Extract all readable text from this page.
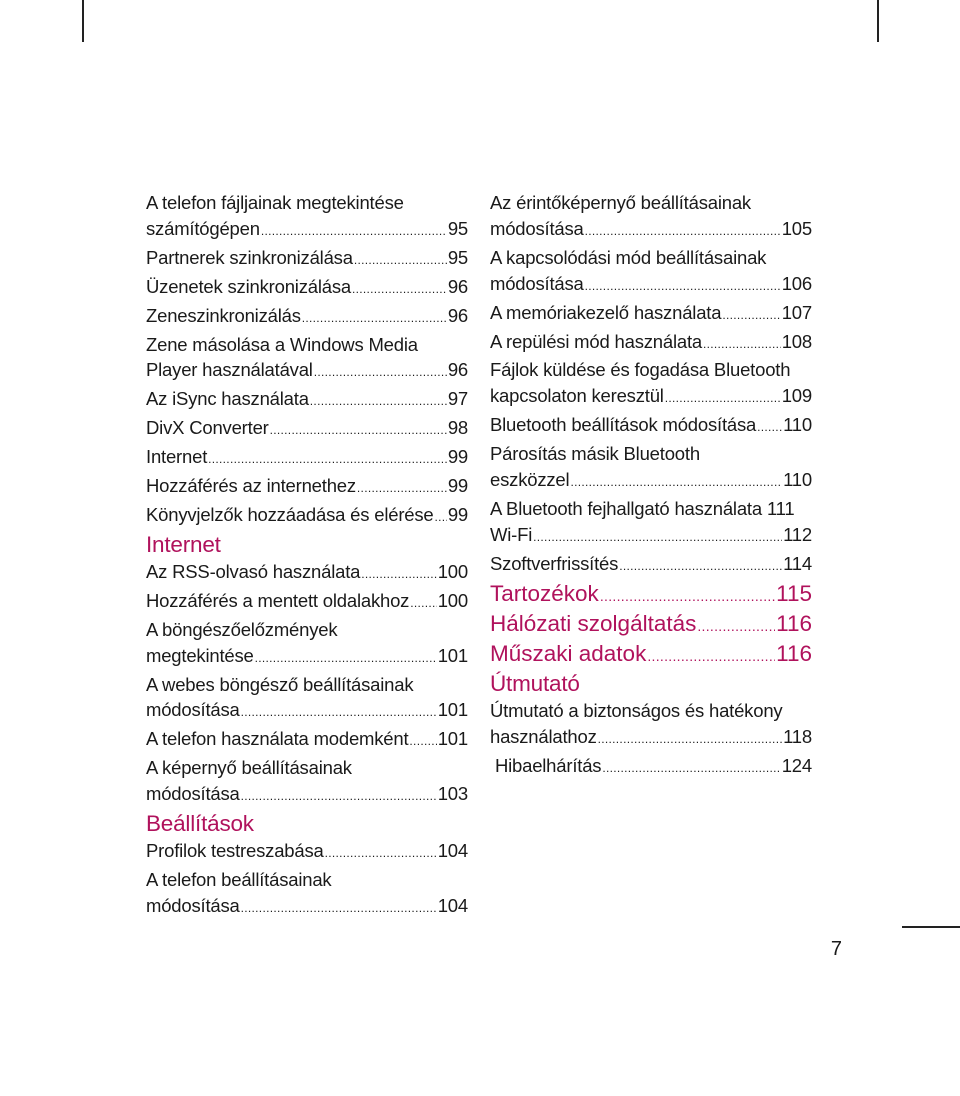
A telefon fájljainak megtekintése
számítógépen .....	95
Partnerek szinkronizálása .....	95
Üzenetek szinkronizálása .....	96
Zeneszinkronizálás .....	96
Zene másolása a Windows Media
Player használatával .....	96
Az iSync használata .....	97
DivX Converter .....	98
Internet .....	99
Hozzáférés az internethez .....	99
Könyvjelzők hozzáadása és elérése ..... 99
Internet
Az RSS-olvasó használata .....	100
Hozzáférés a mentett oldalakhoz ..... 100
A böngészőelőzmények
megtekintése .....	101
A webes böngésző beállításainak
módosítása .....	101
A telefon használata modemként ..... 101
A képernyő beállításainak
módosítása .....	103
Beállítások
Profilok testreszabása .....	104
A telefon beállításainak
módosítása .....	104
Az érintőképernyő beállításainak
módosítása .....	105
A kapcsolódási mód beállításainak
módosítása .....	106
A memóriakezelő használata .....	107
A repülési mód használata .....	108
Fájlok küldése és fogadása Bluetooth
kapcsolaton keresztül .....	109
Bluetooth beállítások módosítása ..... 110
Párosítás másik Bluetooth
eszközzel .....	110
A Bluetooth fejhallgató használata 111
Wi-Fi .....	112
Szoftverfrissítés .....	114
Tartozékok .....	115
Hálózati szolgáltatás .....	116
Műszaki adatok .....	116
Útmutató
Útmutató a biztonságos és hatékony
használathoz .....	118
Hibaelhárítás .....	124
7
